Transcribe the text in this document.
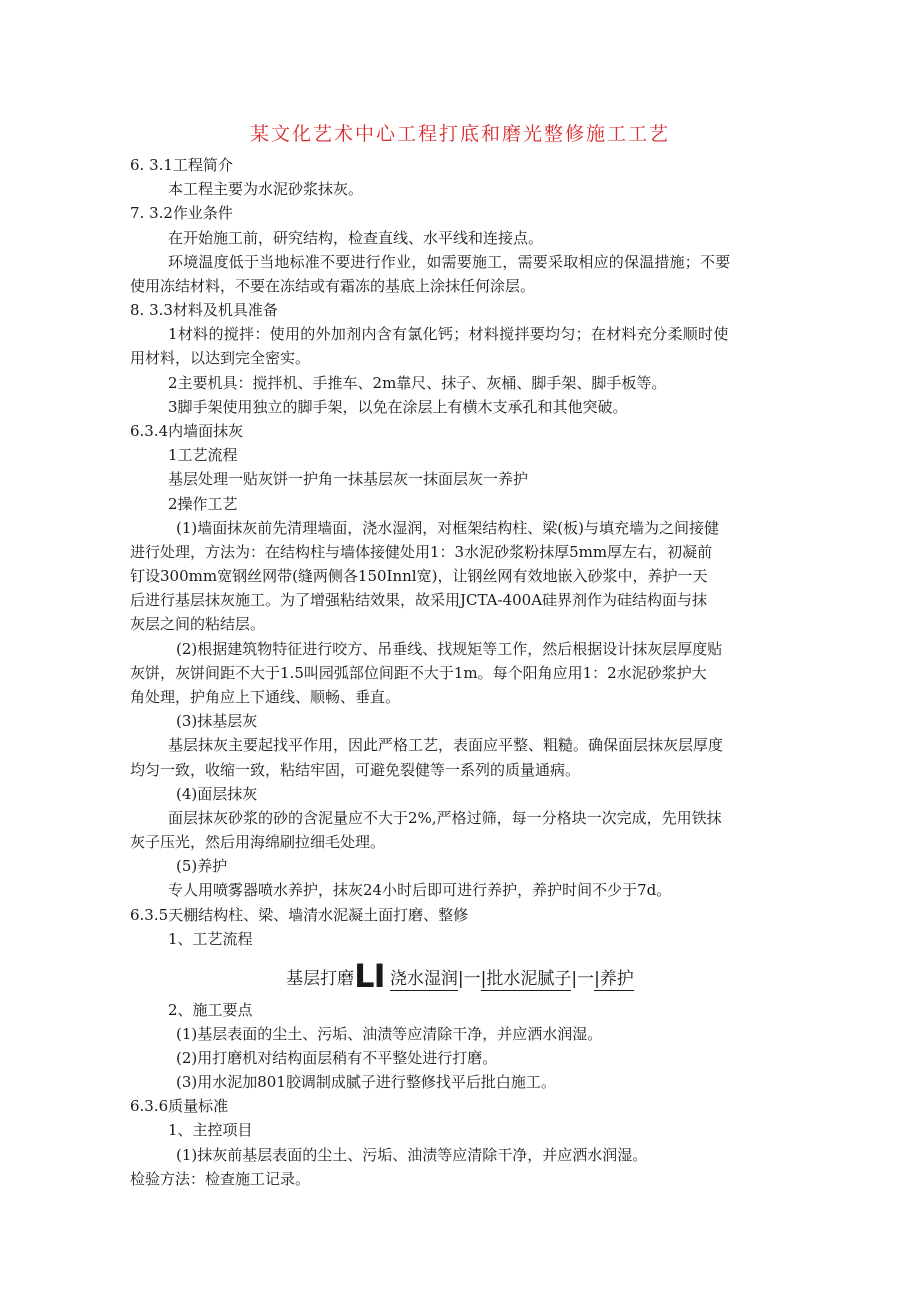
某文化艺术中心工程打底和磨光整修施工工艺
6. 3.1工程简介
本工程主要为水泥砂浆抹灰。
7. 3.2作业条件
在开始施工前，研究结构，检查直线、水平线和连接点。
环境温度低于当地标准不要进行作业，如需要施工，需要采取相应的保温措施；不要
使用冻结材料，不要在冻结或有霜冻的基底上涂抹任何涂层。
8. 3.3材料及机具准备
1材料的搅拌：使用的外加剂内含有氯化钙；材料搅拌要均匀；在材料充分柔顺时使
用材料，以达到完全密实。
2主要机具：搅拌机、手推车、2m靠尺、抹子、灰桶、脚手架、脚手板等。
3脚手架使用独立的脚手架，以免在涂层上有横木支承孔和其他突破。
6.3.4内墙面抹灰
1工艺流程
基层处理一贴灰饼一护角一抹基层灰一抹面层灰一养护
2操作工艺
(1)墙面抹灰前先清理墙面，浇水湿润，对框架结构柱、梁(板)与填充墙为之间接健
进行处理，方法为：在结构柱与墙体接健处用1：3水泥砂浆粉抹厚5mm厚左右，初凝前
钉设300mm宽钢丝网带(缝两侧各150Innl宽)，让钢丝网有效地嵌入砂浆中，养护一天
后进行基层抹灰施工。为了增强粘结效果，故采用JCTA-400A硅界剂作为硅结构面与抹
灰层之间的粘结层。
(2)根据建筑物特征进行咬方、吊垂线、找规矩等工作，然后根据设计抹灰层厚度贴
灰饼，灰饼间距不大于1.5叫园弧部位间距不大于1m。每个阳角应用1：2水泥砂浆护大
角处理，护角应上下通线、顺畅、垂直。
(3)抹基层灰
基层抹灰主要起找平作用，因此严格工艺，表面应平整、粗糙。确保面层抹灰层厚度
均匀一致，收缩一致，粘结牢固，可避免裂健等一系列的质量通病。
(4)面层抹灰
面层抹灰砂浆的砂的含泥量应不大于2%,严格过筛，每一分格块一次完成，先用铁抹
灰子压光，然后用海绵刷拉细毛处理。
(5)养护
专人用喷雾器喷水养护，抹灰24小时后即可进行养护，养护时间不少于7d。
6.3.5天棚结构柱、梁、墙清水泥凝土面打磨、整修
1、工艺流程
基层打磨LI 浇水湿润|一|批水泥腻子|一|养护
2、施工要点
(1)基层表面的尘土、污垢、油渍等应清除干净，并应洒水润湿。
(2)用打磨机对结构面层稍有不平整处进行打磨。
(3)用水泥加801胶调制成腻子进行整修找平后批白施工。
6.3.6质量标准
1、主控项目
(1)抹灰前基层表面的尘土、污垢、油渍等应清除干净，并应洒水润湿。
检验方法：检查施工记录。
